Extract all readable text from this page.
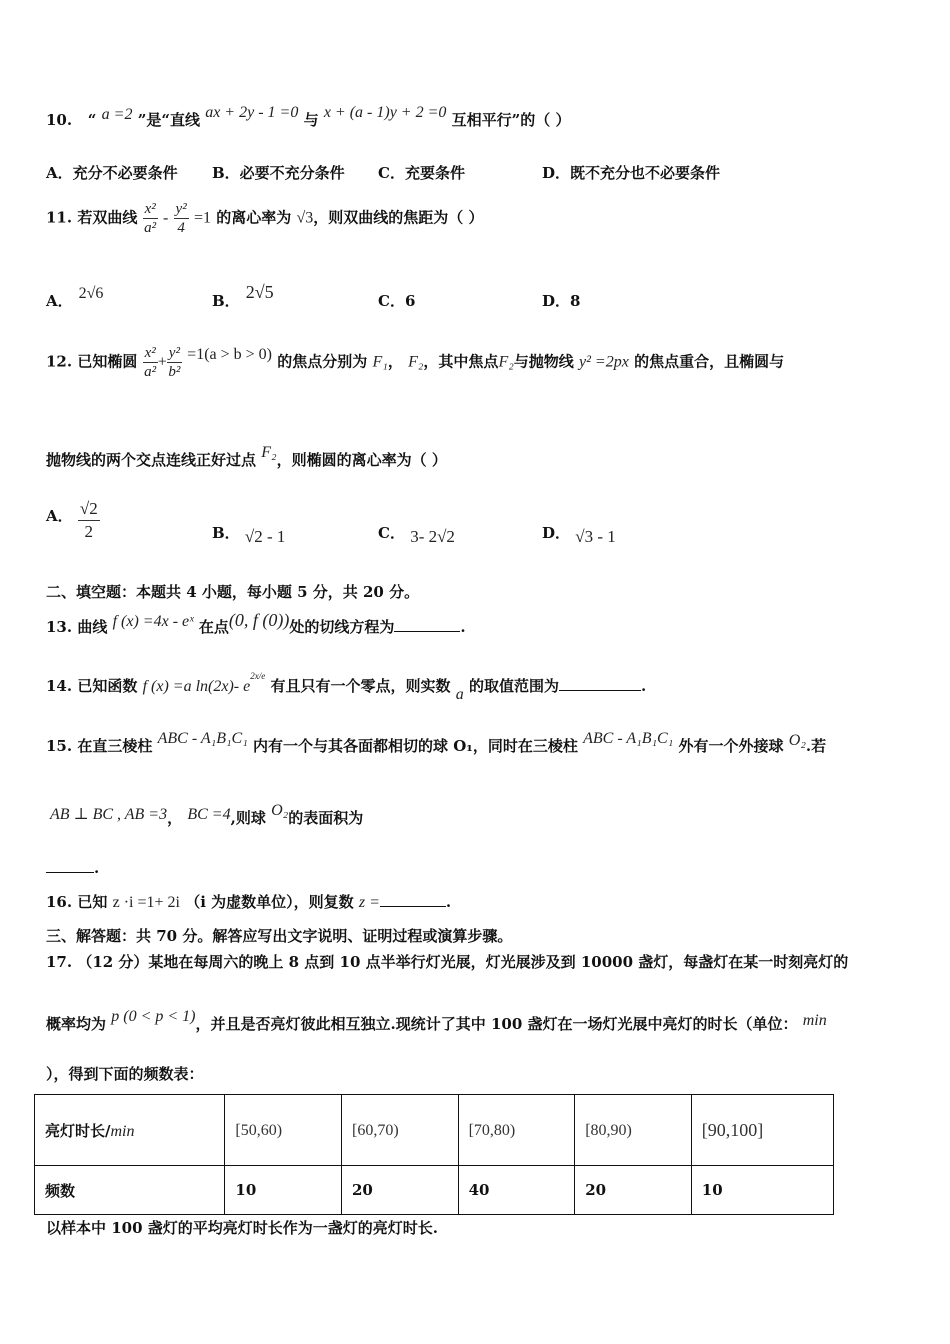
10. “ a =2 ”是“直线 ax + 2y - 1 =0 与 x + (a - 1)y + 2 =0 互相平行”的（ ）
A．充分不必要条件 B．必要不充分条件 C．充要条件	D．既不充分也不必要条件
11. 若双曲线 $\frac{\text{x²}}{\text{a²}} - \frac{\text{y²}}{4} =1$ 的离心率为 √3，则双曲线的焦距为（ ）
A． 2√6	B． 2√5	C．6	D．8
12. 已知椭圆 $\frac{\text{x²}}{\text{a²}} + \frac{\text{y²}}{\text{b²}} =1(a > b > 0)$ 的焦点分别为 F₁， F₂，其中焦点F₂与抛物线 y² =2px 的焦点重合，且椭圆与
抛物线的两个交点连线正好过点 F₂，则椭圆的离心率为（ ）
A． $\frac{√2}{2}$	B． √2 - 1	C． 3- 2√2	D． √3 - 1
二、填空题：本题共 4 小题，每小题 5 分，共 20 分。
13. 曲线 f (x) =4x - eˣ 在点(0, f (0))处的切线方程为	.
14. 已知函数 f (x) =a ln(2x)- $e^{2x/e}$ 有且只有一个零点，则实数 a 的取值范围为	.
15. 在直三棱柱 ABC - A₁B₁C₁ 内有一个与其各面都相切的球 O₁，同时在三棱柱 ABC - A₁B₁C₁ 外有一个外接球 O₂.若
AB ⊥ BC , AB =3， BC =4,则球 O₂的表面积为
.
16. 已知 z ·i =1+ 2i （i 为虚数单位），则复数 z =	.
三、解答题：共 70 分。解答应写出文字说明、证明过程或演算步骤。
17. （12 分）某地在每周六的晚上 8 点到 10 点半举行灯光展，灯光展涉及到 10000 盏灯，每盏灯在某一时刻亮灯的
概率均为 p (0 < p < 1)，并且是否亮灯彼此相互独立.现统计了其中 100 盏灯在一场灯光展中亮灯的时长（单位： min
），得到下面的频数表：
亮灯时长/min	[50,60)	[60,70)	[70,80)	[80,90)	[90,100]
频数	10	20	40	20	10
以样本中 100 盏灯的平均亮灯时长作为一盏灯的亮灯时长.
